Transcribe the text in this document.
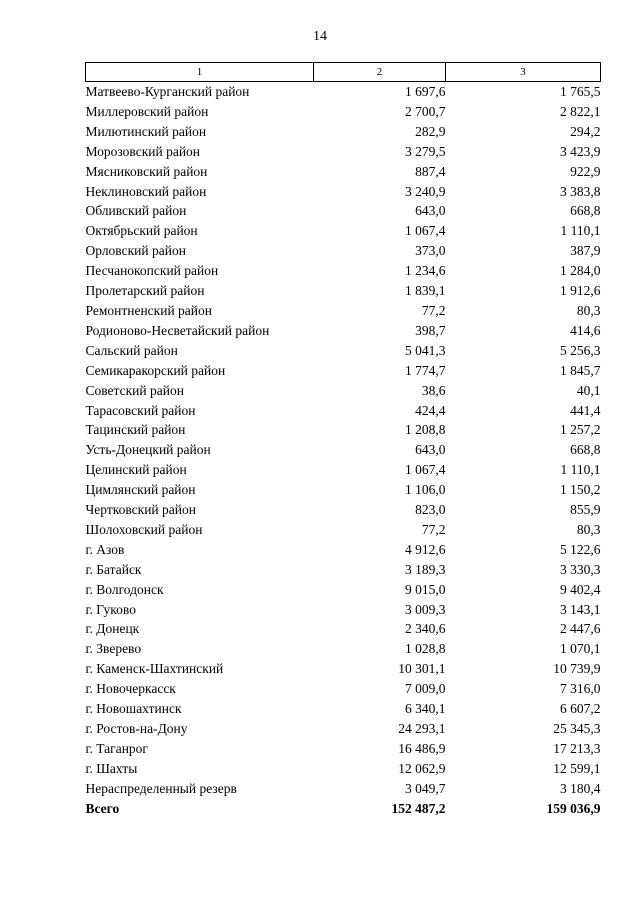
14
1	2	3
Матвеево-Курганский район	1 697,6	1 765,5
Миллеровский район	2 700,7	2 822,1
Милютинский район	282,9	294,2
Морозовский район	3 279,5	3 423,9
Мясниковский район	887,4	922,9
Неклиновский район	3 240,9	3 383,8
Обливский район	643,0	668,8
Октябрьский район	1 067,4	1 110,1
Орловский район	373,0	387,9
Песчанокопский район	1 234,6	1 284,0
Пролетарский район	1 839,1	1 912,6
Ремонтненский район	77,2	80,3
Родионово-Несветайский район	398,7	414,6
Сальский район	5 041,3	5 256,3
Семикаракорский район	1 774,7	1 845,7
Советский район	38,6	40,1
Тарасовский район	424,4	441,4
Тацинский район	1 208,8	1 257,2
Усть-Донецкий район	643,0	668,8
Целинский район	1 067,4	1 110,1
Цимлянский район	1 106,0	1 150,2
Чертковский район	823,0	855,9
Шолоховский район	77,2	80,3
г. Азов	4 912,6	5 122,6
г. Батайск	3 189,3	3 330,3
г. Волгодонск	9 015,0	9 402,4
г. Гуково	3 009,3	3 143,1
г. Донецк	2 340,6	2 447,6
г. Зверево	1 028,8	1 070,1
г. Каменск-Шахтинский	10 301,1	10 739,9
г. Новочеркасск	7 009,0	7 316,0
г. Новошахтинск	6 340,1	6 607,2
г. Ростов-на-Дону	24 293,1	25 345,3
г. Таганрог	16 486,9	17 213,3
г. Шахты	12 062,9	12 599,1
Нераспределенный резерв	3 049,7	3 180,4
Всего	152 487,2	159 036,9
